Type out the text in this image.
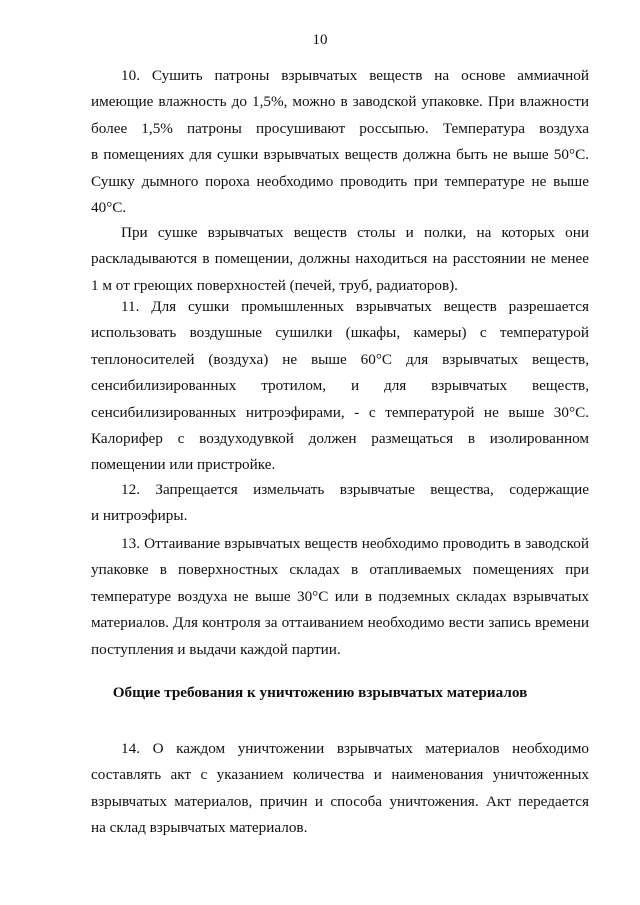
10
10. Сушить патроны взрывчатых веществ на основе аммиачной
имеющие влажность до 1,5%, можно в заводской упаковке. При влажности
более 1,5% патроны просушивают россыпью. Температура воздуха
в помещениях для сушки взрывчатых веществ должна быть не выше 50°С.
Сушку дымного пороха необходимо проводить при температуре не выше
40°С.
При сушке взрывчатых веществ столы и полки, на которых они
раскладываются в помещении, должны находиться на расстоянии не менее
1 м от греющих поверхностей (печей, труб, радиаторов).
11. Для сушки промышленных взрывчатых веществ разрешается
использовать воздушные сушилки (шкафы, камеры) с температурой
теплоносителей (воздуха) не выше 60°С для взрывчатых веществ,
сенсибилизированных тротилом, и для взрывчатых веществ,
сенсибилизированных нитроэфирами, - с температурой не выше 30°С.
Калорифер с воздуходувкой должен размещаться в изолированном
помещении или пристройке.
12. Запрещается измельчать взрывчатые вещества, содержащие
и нитроэфиры.
13. Оттаивание взрывчатых веществ необходимо проводить в заводской
упаковке в поверхностных складах в отапливаемых помещениях при
температуре воздуха не выше 30°С или в подземных складах взрывчатых
материалов. Для контроля за оттаиванием необходимо вести запись времени
поступления и выдачи каждой партии.
Общие требования к уничтожению взрывчатых материалов
14. О каждом уничтожении взрывчатых материалов необходимо
составлять акт с указанием количества и наименования уничтоженных
взрывчатых материалов, причин и способа уничтожения. Акт передается
на склад взрывчатых материалов.
